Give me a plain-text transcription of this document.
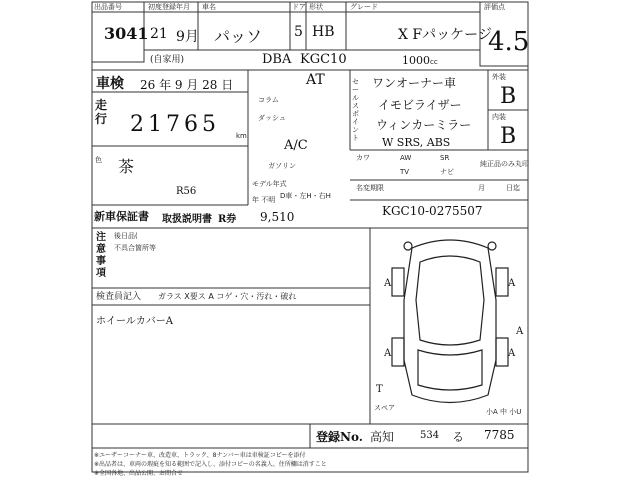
出品番号
3041
初度登録年月
21 9月
車名
パッソ
ドア
5
形状
HB
グレード
X Fパッケージ
評価点
4.5
(自家用)	DBA KGC10	1000 cc
車検 26 年 9 月 28 日
走行 21765 km
色 茶
R56
AT
コラム
ダッシュ
A/C
ガソリン
モデル年式
D車・左H・右H
年 不明
セールスポイント
ワンオーナー車
イモビライザー
ウィンカーミラー
W SRS, ABS
外装
B
内装
B
カワ	AW	SR
TV	ナビ
純正品のみ丸印
名変期限	月	日迄
KGC10-0275507
新車保証書 取扱説明書 R券 9,510
注意事項
後日品(
不具合箇所等
検査員記入 ガラス X要ス A コゲ・穴・汚れ・破れ
ホイールカバーA
A	A
A	A
A
T
スペア	小A 中 小U
登録No. 高知	534 る 7785
※ユーザーコーナー車、改造車、トラック、8ナンバー車は車検証コピーを添付
※出品者は、車両の瑕疵を知る範囲で記入し、添付コピーの名義人、住所欄は消すこと
※全国各地、出品公開、お問合せ
